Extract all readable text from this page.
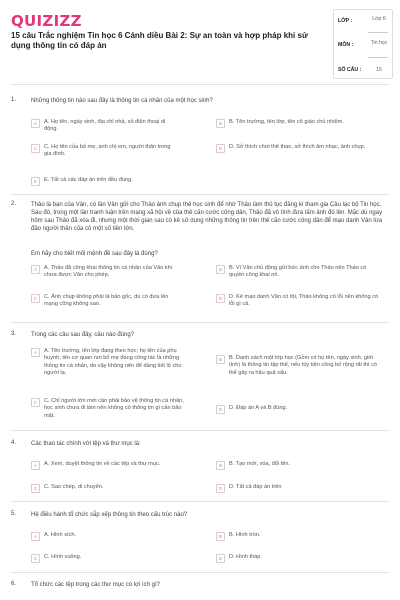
QUIZIZZ
15 câu Trắc nghiệm Tin học 6 Cánh diều Bài 2: Sự an toàn và hợp pháp khi sử dụng thông tin có đáp án
LỚP :	Lớp 6
MÔN :	Tin học
SỐ CÂU :	15
1. Những thông tin nào sau đây là thông tin cá nhân của một học sinh?
A	A. Họ tên, ngày sinh, địa chỉ nhà, số điện thoại di động.
B	B. Tên trường, tên lớp, tên cô giáo chủ nhiệm.
C	C. Họ tên của bố mẹ, anh chị em, người thân trong gia đình.
D	D. Sở thích chơi thể thao, sở thích âm nhạc, ảnh chụp.
E	E. Tất cả các đáp án trên đều đúng.
2. Thảo là bạn của Vân, có lần Vân gửi cho Thảo ảnh chụp thẻ học sinh để nhờ Thảo làm thủ tục đăng kí tham gia Câu lạc bộ Tin học. Sau đó, trong một lần tranh luận trên mạng xã hội về của thẻ căn cước công dân, Thảo đã vô tình đưa tấm ảnh đó lên. Mặc dù ngay hôm sau Thảo đã xóa đi, nhưng một thời gian sau có kẻ sử dụng những thông tin trên thẻ căn cước công dân để mạo danh Vân lừa đảo người thân của cô một số tiền lớn.
Em hãy cho biết mối mệnh đề sau đây là đúng?
A	A. Thảo đã công khai thông tin cá nhân của Vân khi chưa được Vân cho phép.
B	B. Vì Vân chủ động gửi bức ảnh cho Thảo nên Thảo có quyền công khai nó.
C	C. Ảnh chụp không phải là bản gốc, dù có đưa lên mạng cũng không sao.
D	D. Kẻ mạo danh Vân có tội, Thảo không có lỗi nên không có lỗi gì cả.
3. Trong các câu sau đây, câu nào đúng?
A	A. Tên trường, tên lớp đang theo học; họ tên của phụ huynh; tên cơ quan nơi bố mẹ đang công tác là những thông tin cá nhân, do vậy không nên để dàng tiết lộ cho người lạ.
B	B. Danh sách một lớp học (Gồm có họ tên, ngày sinh, giới tính) là thông tin tập thể, nếu tùy tiện công bố rộng rãi thì có thể gây ra hậu quả xấu.
C	C. Chỉ người lớn mới cần phải bảo vệ thông tin cá nhân, học sinh chưa đi làm nên không có thông tin gì cần bảo mật.
D	D. Đáp án A và B đúng.
4. Các thao tác chính với tệp và thư mục là:
A	A. Xem, duyệt thông tin về các tệp và thư mục.	B	B. Tạo mới, xóa, đổi tên.
C	C. Sao chép, di chuyển.	D	D. Tất cả đáp án trên
5. Hệ điều hành tổ chức sắp xếp thông tin theo cấu trúc nào?
A	A. Hình xích.	B	B. Hình tròn.
C	C. Hình vuông.	D	D. Hình tháp.
6. Tổ chức các tệp trong các thư mục có lợi ích gì?
